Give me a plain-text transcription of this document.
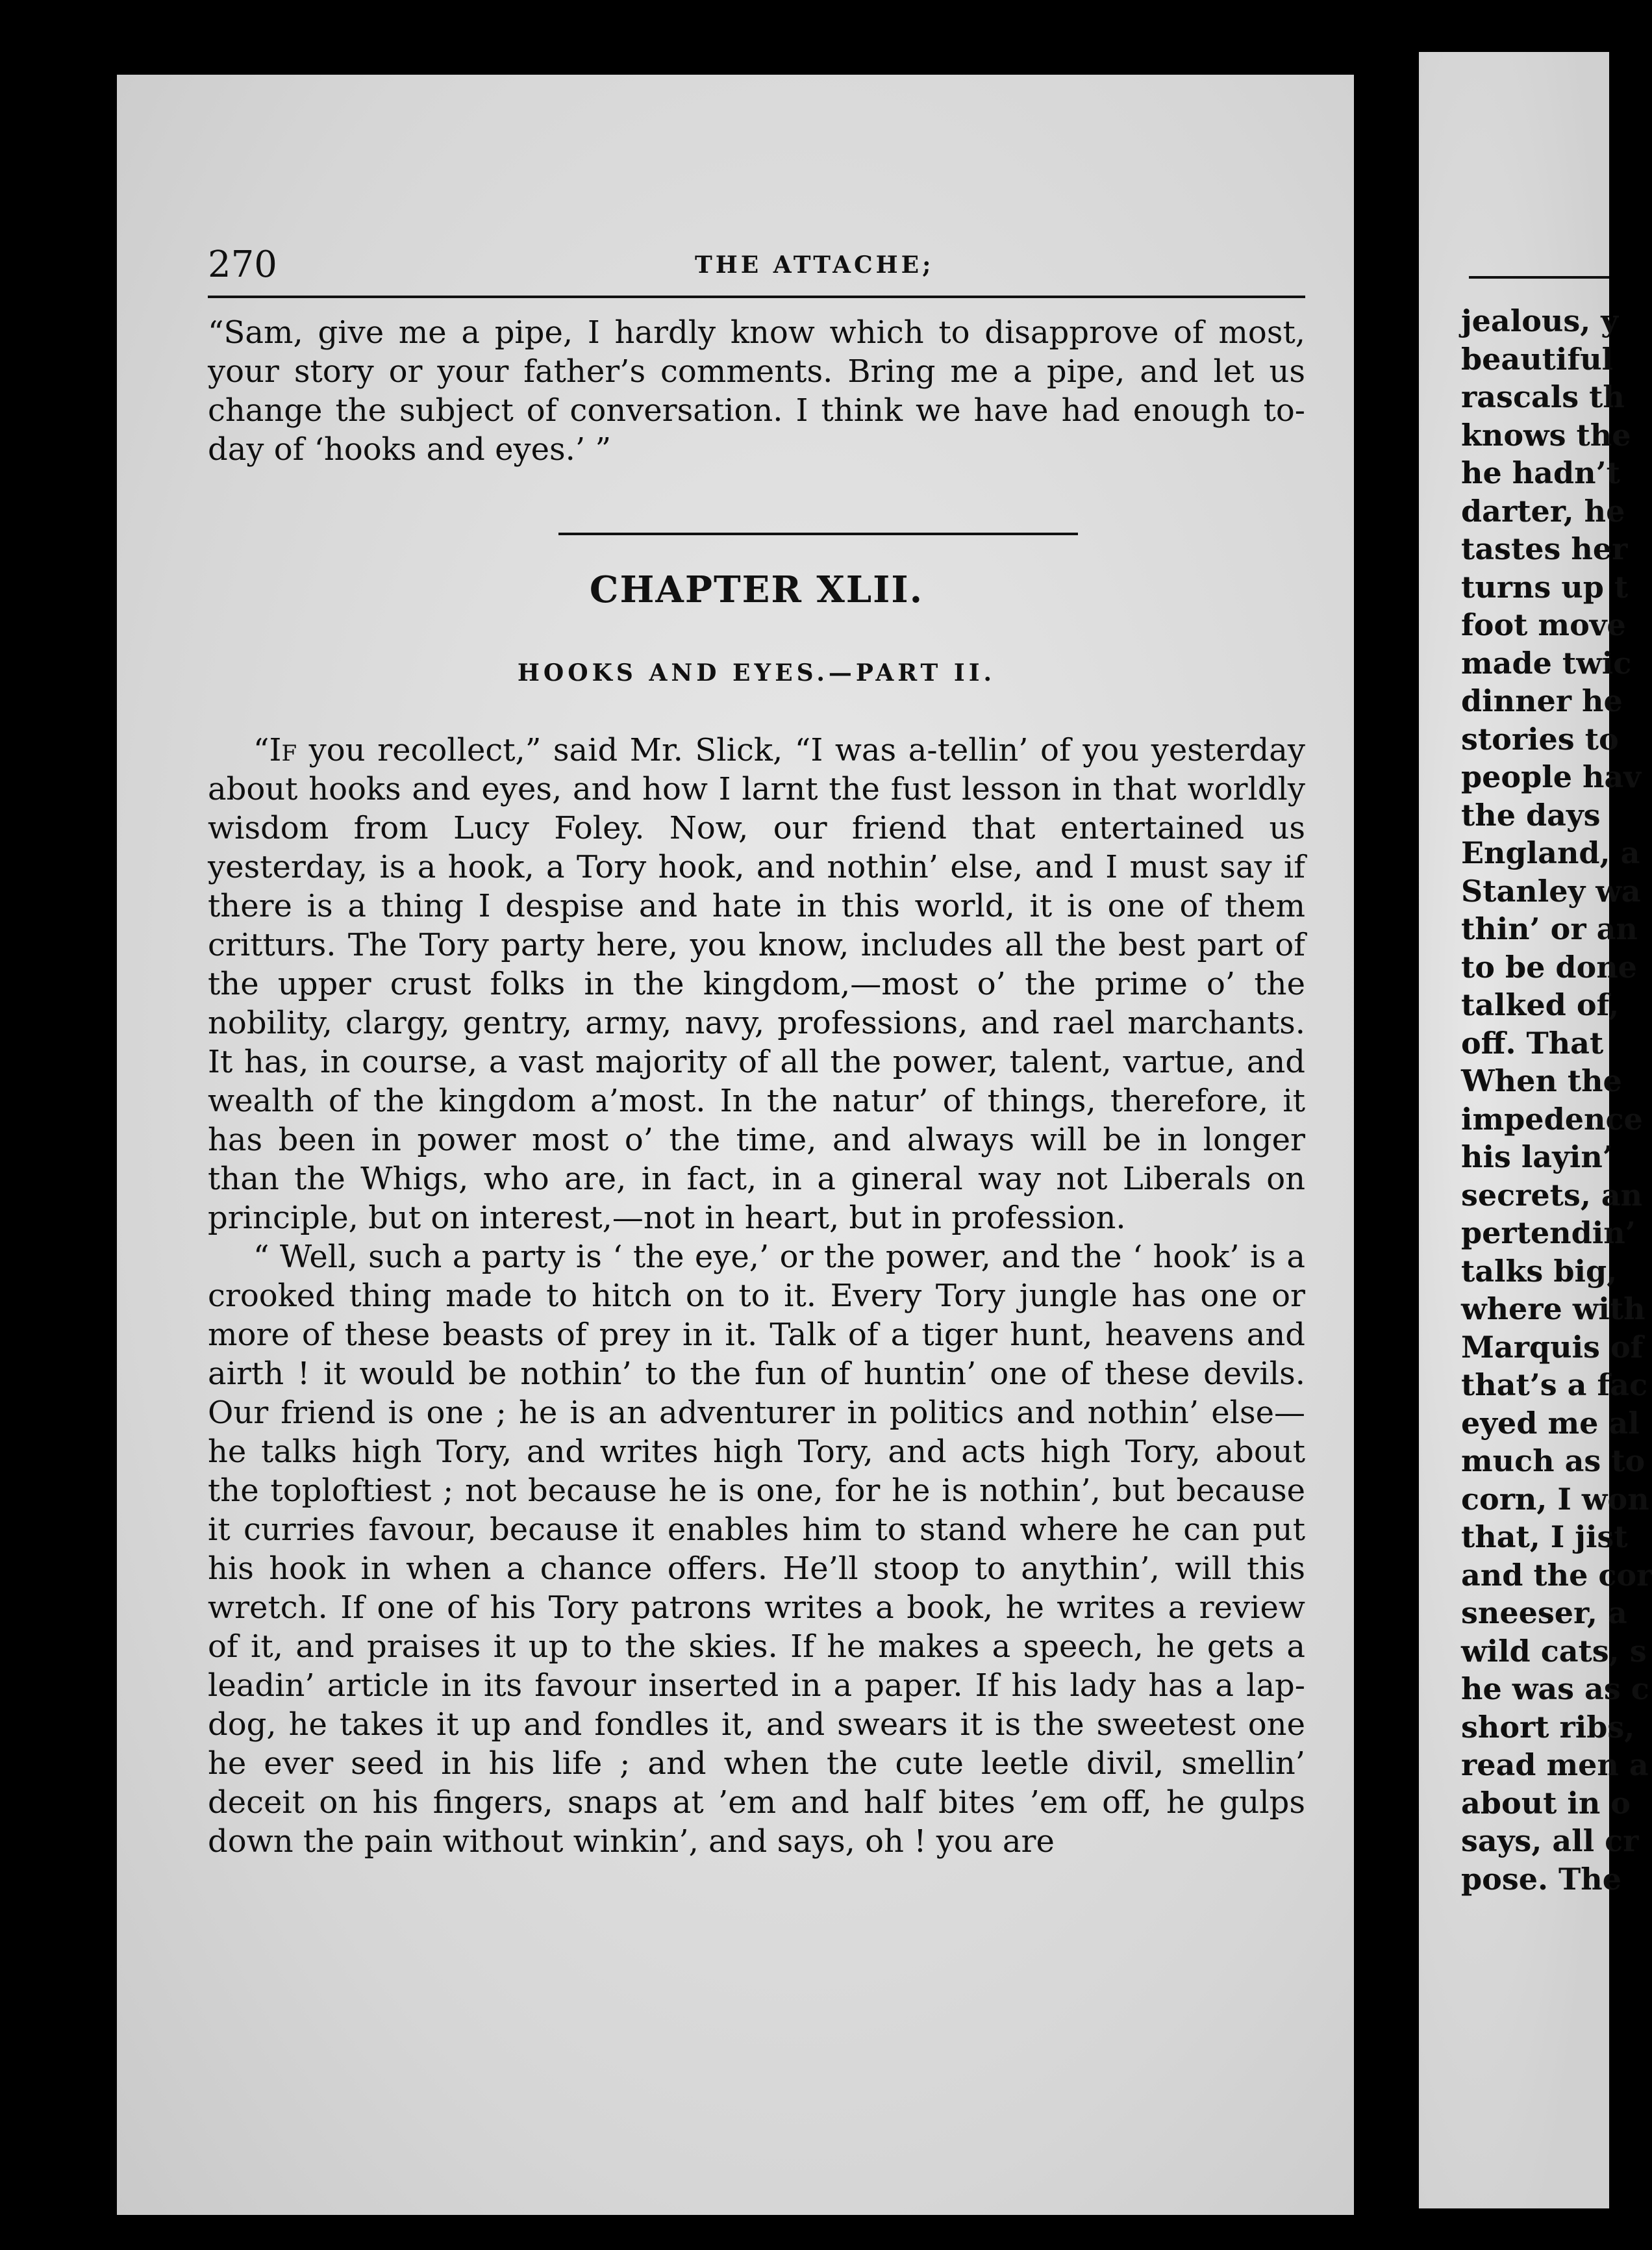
270	THE ATTACHE;
“Sam, give me a pipe, I hardly know which to disapprove of most, your story or your father’s comments. Bring me a pipe, and let us change the subject of conversation. I think we have had enough to-day of ‘hooks and eyes.’ ”
CHAPTER XLII.
HOOKS AND EYES.—PART II.

“If you recollect,” said Mr. Slick, “I was a-tellin’ of you yesterday about hooks and eyes, and how I larnt the fust lesson in that worldly wisdom from Lucy Foley. Now, our friend that entertained us yesterday, is a hook, a Tory hook, and nothin’ else, and I must say if there is a thing I despise and hate in this world, it is one of them critturs. The Tory party here, you know, includes all the best part of the upper crust folks in the kingdom,—most o’ the prime o’ the nobility, clargy, gentry, army, navy, professions, and rael marchants. It has, in course, a vast majority of all the power, talent, vartue, and wealth of the kingdom a’most. In the natur’ of things, therefore, it has been in power most o’ the time, and always will be in longer than the Whigs, who are, in fact, in a gineral way not Liberals on principle, but on interest,—not in heart, but in profession.

“ Well, such a party is ‘ the eye,’ or the power, and the ‘ hook’ is a crooked thing made to hitch on to it. Every Tory jungle has one or more of these beasts of prey in it. Talk of a tiger hunt, heavens and airth ! it would be nothin’ to the fun of huntin’ one of these devils. Our friend is one ; he is an adventurer in politics and nothin’ else—he talks high Tory, and writes high Tory, and acts high Tory, about the toploftiest ; not because he is one, for he is nothin’, but because it curries favour, because it enables him to stand where he can put his hook in when a chance offers. He’ll stoop to anythin’, will this wretch. If one of his Tory patrons writes a book, he writes a review of it, and praises it up to the skies. If he makes a speech, he gets a leadin’ article in its favour inserted in a paper. If his lady has a lap-dog, he takes it up and fondles it, and swears it is the sweetest one he ever seed in his life ; and when the cute leetle divil, smellin’ deceit on his fingers, snaps at ’em and half bites ’em off, he gulps down the pain without winkin’, and says, oh ! you are

jealous, y
beautiful
rascals th
knows the
he hadn’t
darter, he
tastes her
turns up t
foot move
made twic
dinner he
stories to
people hav
the days
England, a
Stanley wa
thin’ or an
to be done
talked of,
off. That
When the
impedence
his layin’
secrets, an
pertendin’
talks big,
where with
Marquis of
that’s a fac
eyed me al
much as to
corn, I won
that, I jist
and the cor
sneeser, a
wild cats, s
he was as c
short ribs,
read men a
about in o
says, all cr
pose. The
